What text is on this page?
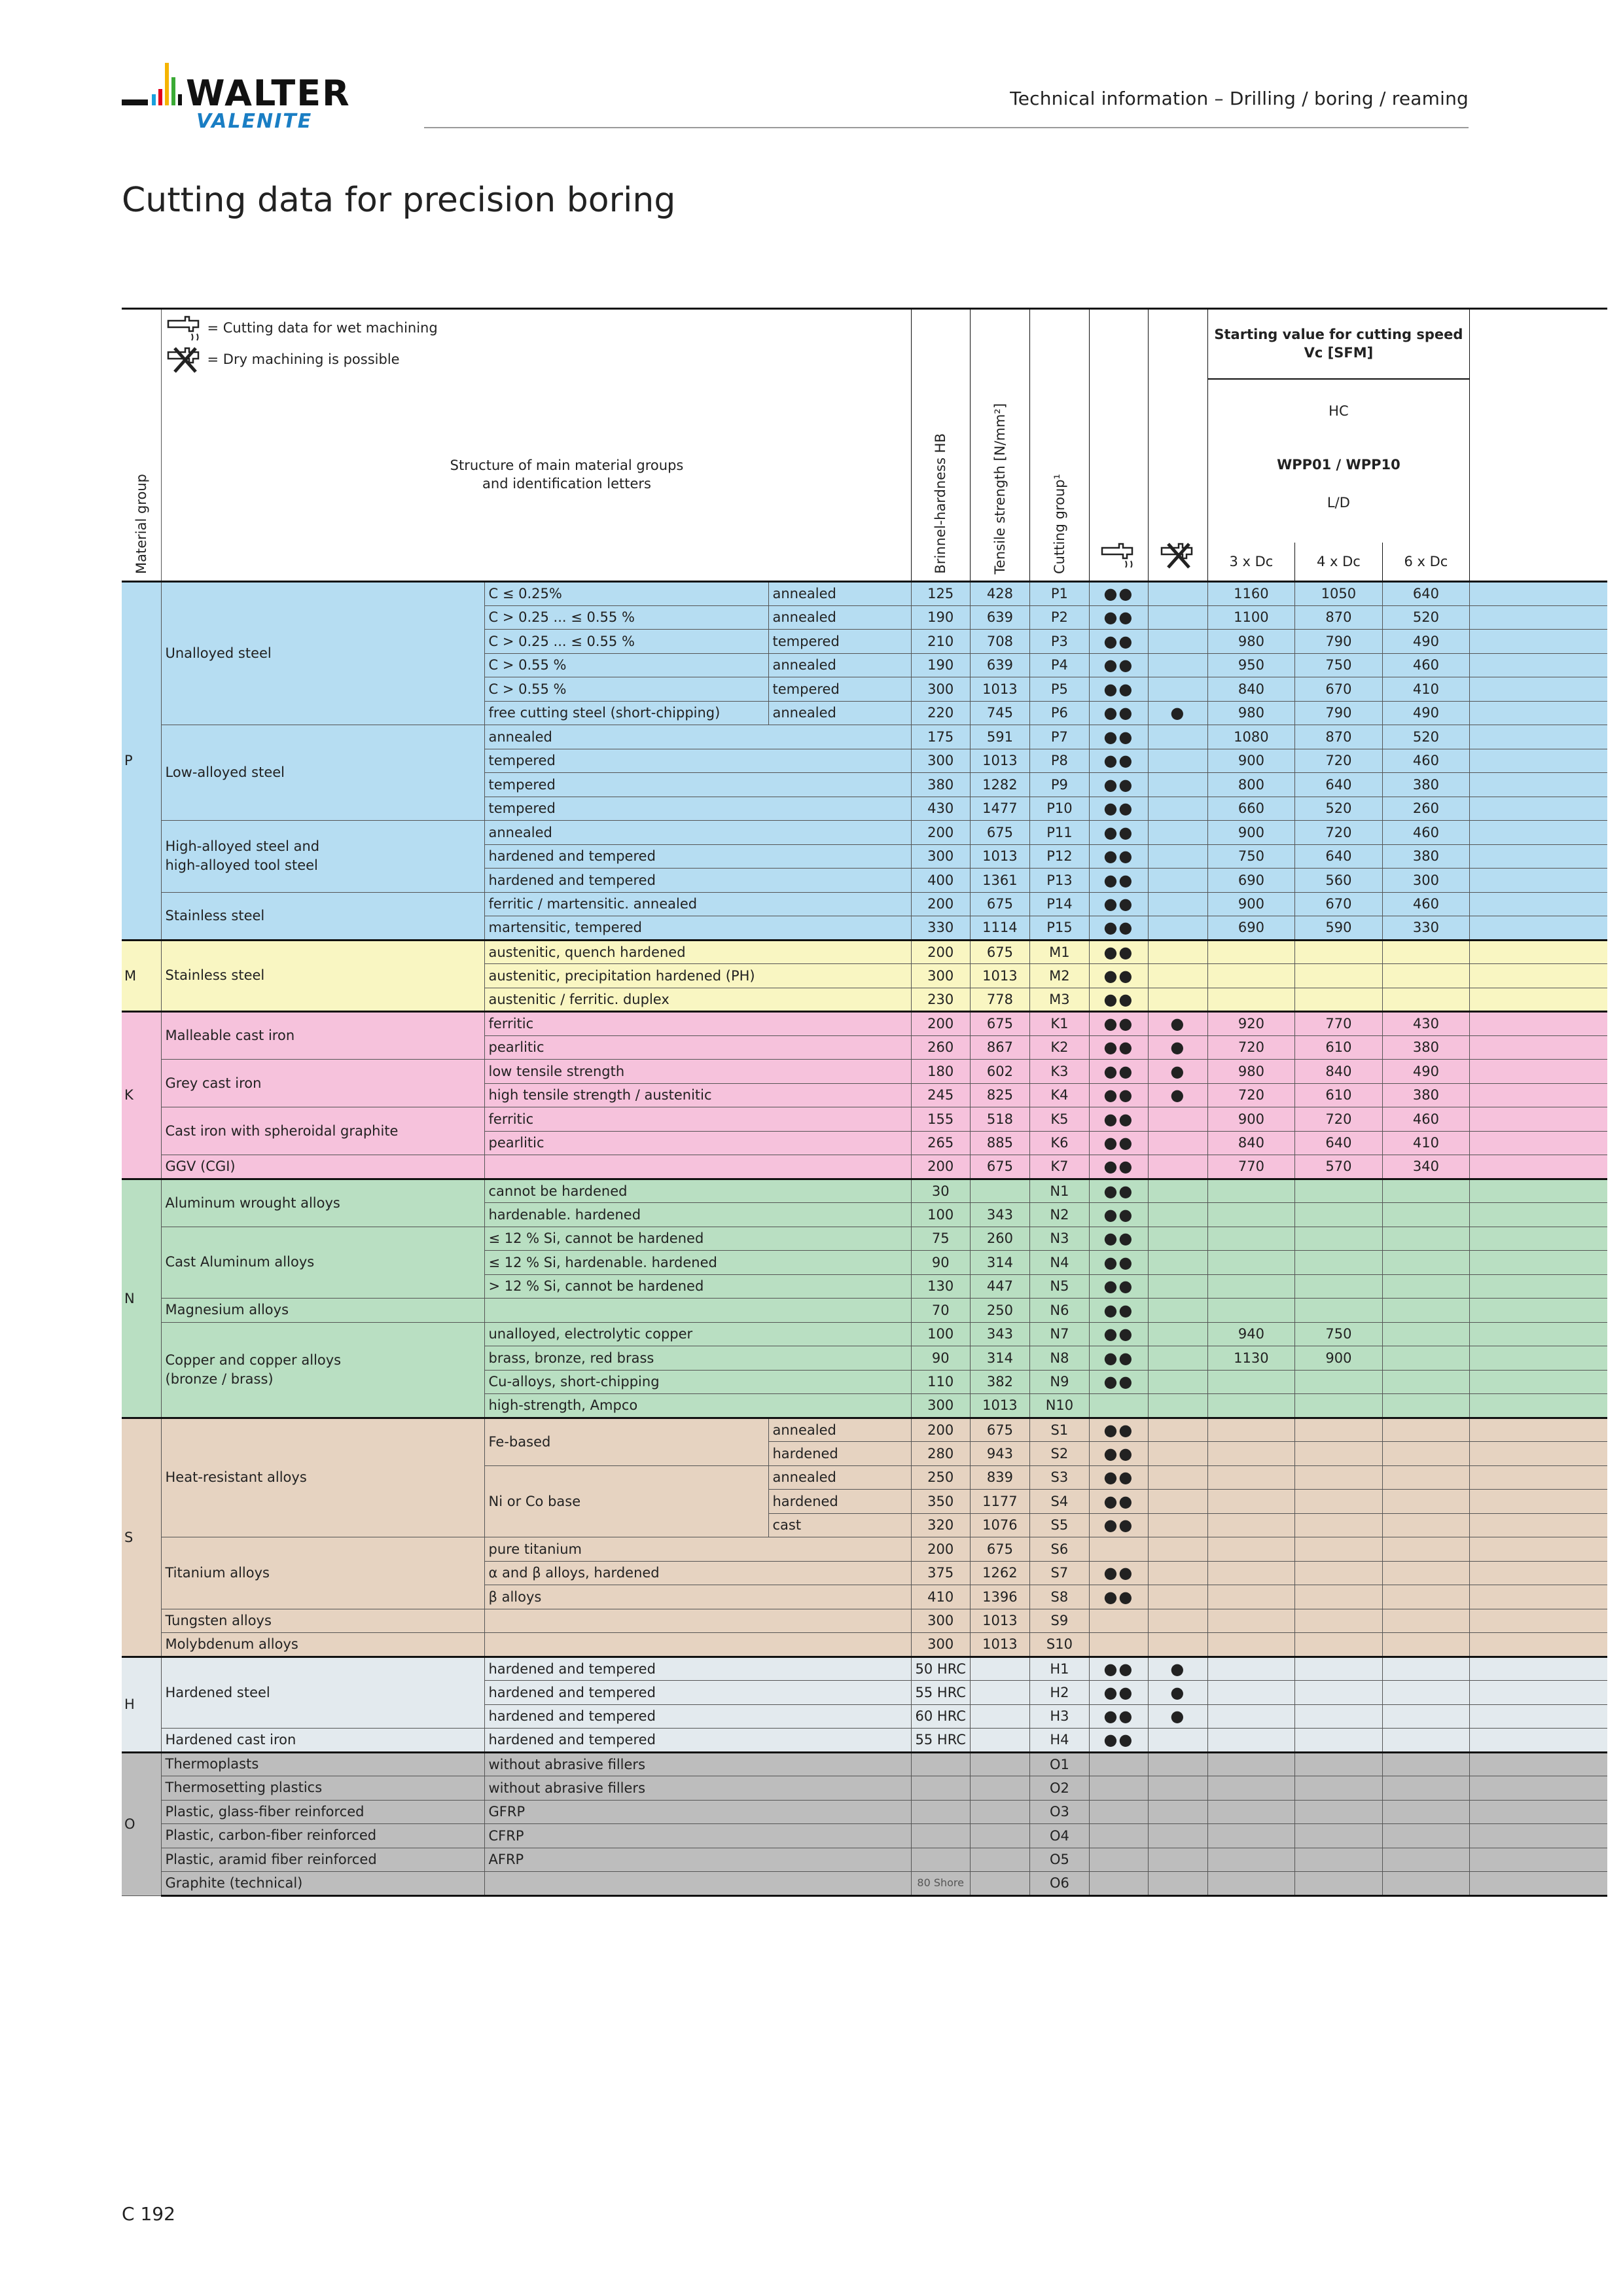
WALTER
VALENITE
Technical information – Drilling / boring / reaming
Cutting data for precision boring
Material group	= Cutting data for wet machining
= Dry machining is possible
Structure of main material groups
and identification letters			Brinnel-hardness HB	Tensile strength [N/mm²]	Cutting group¹			Starting value for cutting speed Vc [SFM]			

									HC
WPP01 / WPP10
L/D			

									3 x Dc	4 x Dc	6 x Dc	
P	Unalloyed steel	C ≤ 0.25%	annealed	125	428	P1	●●		1160	1050	640	
		C > 0.25 ... ≤ 0.55 %	annealed	190	639	P2	●●		1100	870	520	
		C > 0.25 ... ≤ 0.55 %	tempered	210	708	P3	●●		980	790	490	
		C > 0.55 %	annealed	190	639	P4	●●		950	750	460	
		C > 0.55 %	tempered	300	1013	P5	●●		840	670	410	
		free cutting steel (short-chipping)	annealed	220	745	P6	●●	●	980	790	490	
	Low-alloyed steel	annealed		175	591	P7	●●		1080	870	520	
		tempered		300	1013	P8	●●		900	720	460	
		tempered		380	1282	P9	●●		800	640	380	
		tempered		430	1477	P10	●●		660	520	260	
	High-alloyed steel and
high-alloyed tool steel	annealed		200	675	P11	●●		900	720	460	
		hardened and tempered		300	1013	P12	●●		750	640	380	
		hardened and tempered		400	1361	P13	●●		690	560	300	
	Stainless steel	ferritic / martensitic. annealed		200	675	P14	●●		900	670	460	
		martensitic, tempered		330	1114	P15	●●		690	590	330	
M	Stainless steel	austenitic, quench hardened		200	675	M1	●●					
		austenitic, precipitation hardened (PH)		300	1013	M2	●●					
		austenitic / ferritic. duplex		230	778	M3	●●					
K	Malleable cast iron	ferritic		200	675	K1	●●	●	920	770	430	
		pearlitic		260	867	K2	●●	●	720	610	380	
	Grey cast iron	low tensile strength		180	602	K3	●●	●	980	840	490	
		high tensile strength / austenitic		245	825	K4	●●	●	720	610	380	
	Cast iron with spheroidal graphite	ferritic		155	518	K5	●●		900	720	460	
		pearlitic		265	885	K6	●●		840	640	410	
	GGV (CGI)			200	675	K7	●●		770	570	340	
N	Aluminum wrought alloys	cannot be hardened		30		N1	●●					
		hardenable. hardened		100	343	N2	●●					
	Cast Aluminum alloys	≤ 12 % Si, cannot be hardened		75	260	N3	●●					
		≤ 12 % Si, hardenable. hardened		90	314	N4	●●					
		> 12 % Si, cannot be hardened		130	447	N5	●●					
	Magnesium alloys			70	250	N6	●●					
	Copper and copper alloys
(bronze / brass)	unalloyed, electrolytic copper		100	343	N7	●●		940	750		
		brass, bronze, red brass		90	314	N8	●●		1130	900		
		Cu-alloys, short-chipping		110	382	N9	●●					
		high-strength, Ampco		300	1013	N10						
S	Heat-resistant alloys	Fe-based	annealed	200	675	S1	●●					
			hardened	280	943	S2	●●					
		Ni or Co base	annealed	250	839	S3	●●					
			hardened	350	1177	S4	●●					
			cast	320	1076	S5	●●					
	Titanium alloys	pure titanium		200	675	S6						
		α and β alloys, hardened		375	1262	S7	●●					
		β alloys		410	1396	S8	●●					
	Tungsten alloys			300	1013	S9						
	Molybdenum alloys			300	1013	S10						
H	Hardened steel	hardened and tempered		50 HRC		H1	●●	●				
		hardened and tempered		55 HRC		H2	●●	●				
		hardened and tempered		60 HRC		H3	●●	●				
	Hardened cast iron	hardened and tempered		55 HRC		H4	●●					
O	Thermoplasts	without abrasive fillers				O1						
	Thermosetting plastics	without abrasive fillers				O2						
	Plastic, glass-fiber reinforced	GFRP				O3						
	Plastic, carbon-fiber reinforced	CFRP				O4						
	Plastic, aramid fiber reinforced	AFRP				O5						
	Graphite (technical)			80 Shore		O6						
C 192
